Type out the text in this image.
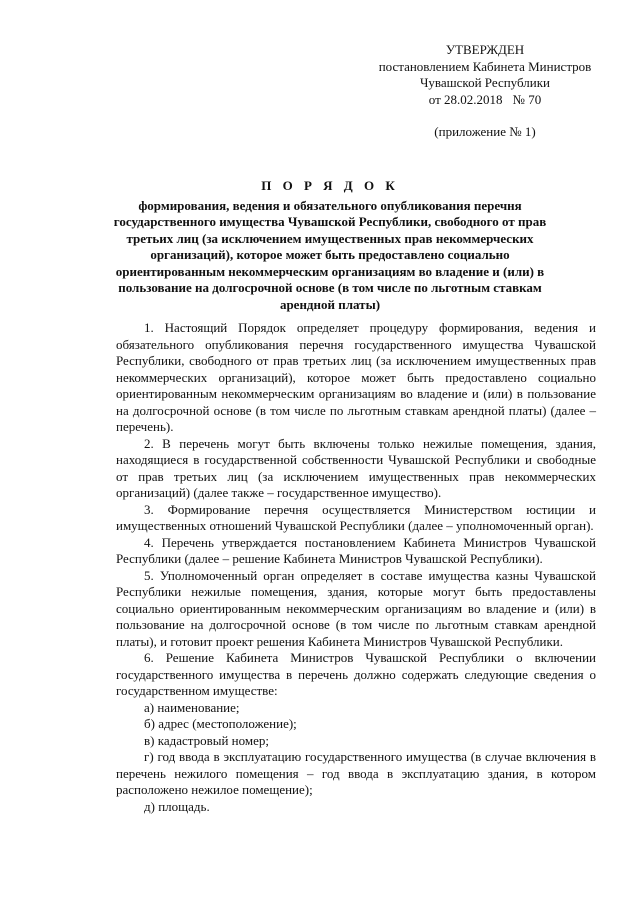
УТВЕРЖДЕН
постановлением Кабинета Министров
Чувашской Республики
от 28.02.2018 № 70
(приложение № 1)
П О Р Я Д О К
формирования, ведения и обязательного опубликования перечня государственного имущества Чувашской Республики, свободного от прав третьих лиц (за исключением имущественных прав некоммерческих организаций), которое может быть предоставлено социально ориентированным некоммерческим организациям во владение и (или) в пользование на долгосрочной основе (в том числе по льготным ставкам арендной платы)

1. Настоящий Порядок определяет процедуру формирования, ведения и обязательного опубликования перечня государственного имущества Чувашской Республики, свободного от прав третьих лиц (за исключением имущественных прав некоммерческих организаций), которое может быть предоставлено социально ориентированным некоммерческим организациям во владение и (или) в пользование на долгосрочной основе (в том числе по льготным ставкам арендной платы) (далее – перечень).

2. В перечень могут быть включены только нежилые помещения, здания, находящиеся в государственной собственности Чувашской Республики и свободные от прав третьих лиц (за исключением имущественных прав некоммерческих организаций) (далее также – государственное имущество).

3. Формирование перечня осуществляется Министерством юстиции и имущественных отношений Чувашской Республики (далее – уполномоченный орган).

4. Перечень утверждается постановлением Кабинета Министров Чувашской Республики (далее – решение Кабинета Министров Чувашской Республики).

5. Уполномоченный орган определяет в составе имущества казны Чувашской Республики нежилые помещения, здания, которые могут быть предоставлены социально ориентированным некоммерческим организациям во владение и (или) в пользование на долгосрочной основе (в том числе по льготным ставкам арендной платы), и готовит проект решения Кабинета Министров Чувашской Республики.

6. Решение Кабинета Министров Чувашской Республики о включении государственного имущества в перечень должно содержать следующие сведения о государственном имуществе:

а) наименование;

б) адрес (местоположение);

в) кадастровый номер;

г) год ввода в эксплуатацию государственного имущества (в случае включения в перечень нежилого помещения – год ввода в эксплуатацию здания, в котором расположено нежилое помещение);

д) площадь.
